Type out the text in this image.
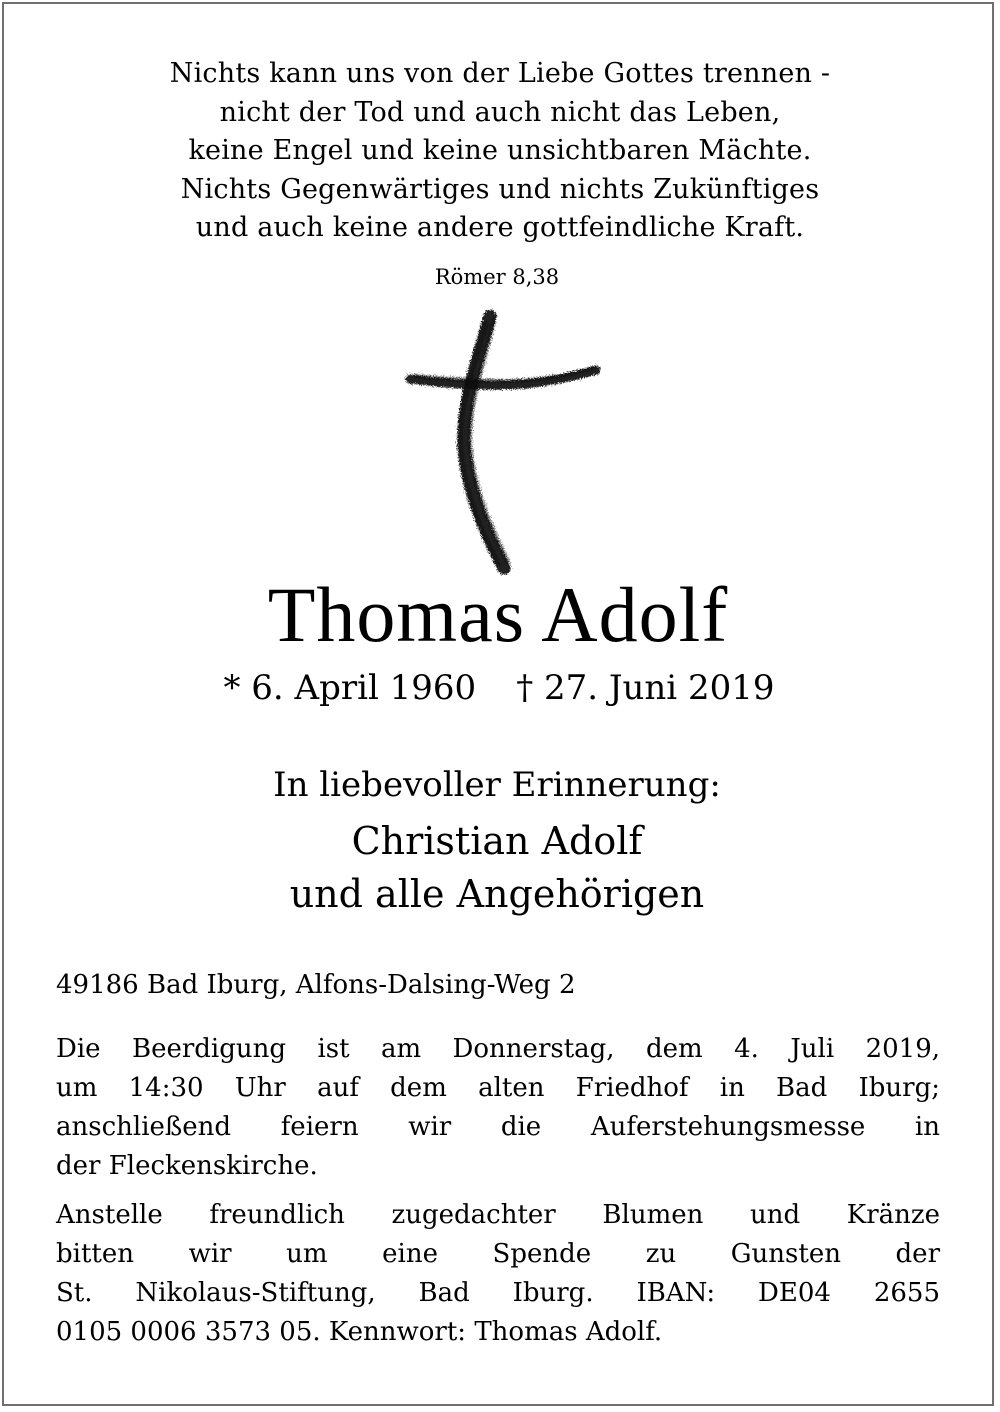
Nichts kann uns von der Liebe Gottes trennen -
nicht der Tod und auch nicht das Leben,
keine Engel und keine unsichtbaren Mächte.
Nichts Gegenwärtiges und nichts Zukünftiges
und auch keine andere gottfeindliche Kraft.
Römer 8,38
Thomas Adolf
* 6. April 1960 † 27. Juni 2019
In liebevoller Erinnerung:
Christian Adolf
und alle Angehörigen
49186 Bad Iburg, Alfons-Dalsing-Weg 2
Die Beerdigung ist am Donnerstag, dem 4. Juli 2019,
um 14:30 Uhr auf dem alten Friedhof in Bad Iburg;
anschließend feiern wir die Auferstehungsmesse in
der Fleckenskirche.
Anstelle freundlich zugedachter Blumen und Kränze
bitten wir um eine Spende zu Gunsten der
St. Nikolaus-Stiftung, Bad Iburg. IBAN: DE04 2655
0105 0006 3573 05. Kennwort: Thomas Adolf.
